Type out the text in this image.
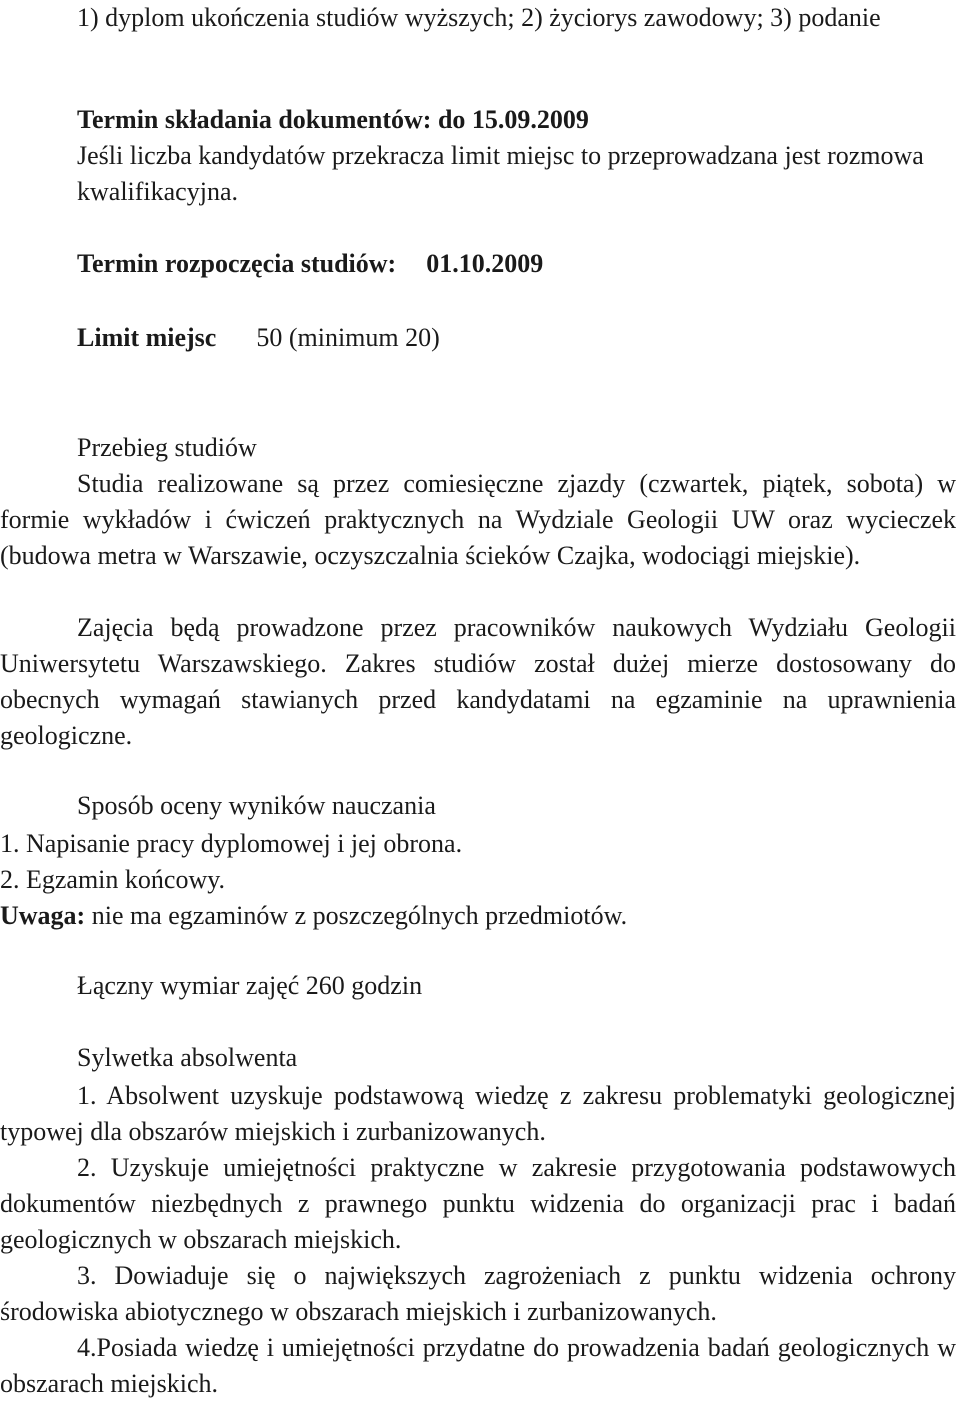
1) dyplom ukończenia studiów wyższych; 2) życiorys zawodowy; 3) podanie
Termin składania dokumentów: do 15.09.2009
Jeśli liczba kandydatów przekracza limit miejsc to przeprowadzana jest rozmowa kwalifikacyjna.
Termin rozpoczęcia studiów: 01.10.2009
Limit miejsc 50 (minimum 20)
Przebieg studiów
Studia realizowane są przez comiesięczne zjazdy (czwartek, piątek, sobota) w formie wykładów i ćwiczeń praktycznych na Wydziale Geologii UW oraz wycieczek (budowa metra w Warszawie, oczyszczalnia ścieków Czajka, wodociągi miejskie).
Zajęcia będą prowadzone przez pracowników naukowych Wydziału Geologii Uniwersytetu Warszawskiego. Zakres studiów został dużej mierze dostosowany do obecnych wymagań stawianych przed kandydatami na egzaminie na uprawnienia geologiczne.
Sposób oceny wyników nauczania
1. Napisanie pracy dyplomowej i jej obrona.
2. Egzamin końcowy.
Uwaga: nie ma egzaminów z poszczególnych przedmiotów.
Łączny wymiar zajęć 260 godzin
Sylwetka absolwenta
1. Absolwent uzyskuje podstawową wiedzę z zakresu problematyki geologicznej typowej dla obszarów miejskich i zurbanizowanych.
2. Uzyskuje umiejętności praktyczne w zakresie przygotowania podstawowych dokumentów niezbędnych z prawnego punktu widzenia do organizacji prac i badań geologicznych w obszarach miejskich.
3. Dowiaduje się o największych zagrożeniach z punktu widzenia ochrony środowiska abiotycznego w obszarach miejskich i zurbanizowanych.
4.Posiada wiedzę i umiejętności przydatne do prowadzenia badań geologicznych w obszarach miejskich.
